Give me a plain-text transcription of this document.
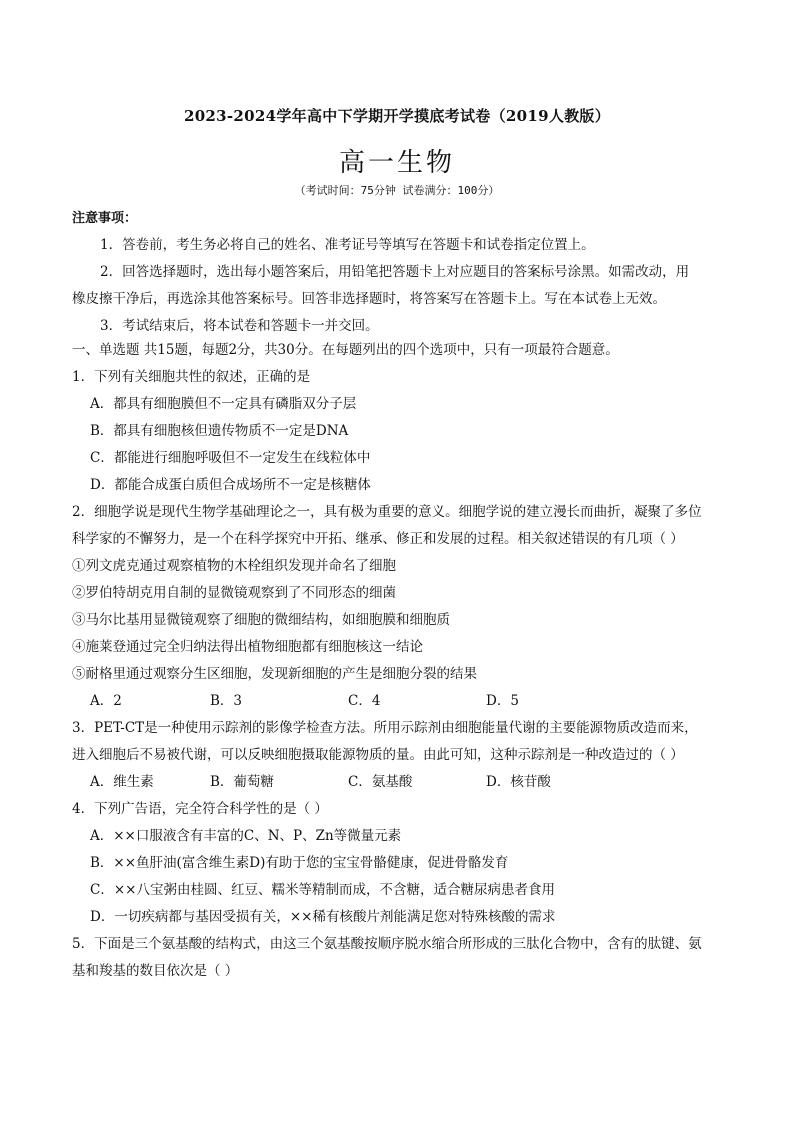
2023-2024学年高中下学期开学摸底考试卷（2019人教版）
高一生物
（考试时间：75分钟 试卷满分：100分）
注意事项：
1．答卷前，考生务必将自己的姓名、准考证号等填写在答题卡和试卷指定位置上。
2．回答选择题时，选出每小题答案后，用铅笔把答题卡上对应题目的答案标号涂黑。如需改动，用
橡皮擦干净后，再选涂其他答案标号。回答非选择题时，将答案写在答题卡上。写在本试卷上无效。
3．考试结束后，将本试卷和答题卡一并交回。
一、单选题 共15题，每题2分，共30分。在每题列出的四个选项中，只有一项最符合题意。
1．下列有关细胞共性的叙述，正确的是
A．都具有细胞膜但不一定具有磷脂双分子层
B．都具有细胞核但遗传物质不一定是DNA
C．都能进行细胞呼吸但不一定发生在线粒体中
D．都能合成蛋白质但合成场所不一定是核糖体
2．细胞学说是现代生物学基础理论之一，具有极为重要的意义。细胞学说的建立漫长而曲折，凝聚了多位
科学家的不懈努力，是一个在科学探究中开拓、继承、修正和发展的过程。相关叙述错误的有几项（ ）
①列文虎克通过观察植物的木栓组织发现并命名了细胞
②罗伯特胡克用自制的显微镜观察到了不同形态的细菌
③马尔比基用显微镜观察了细胞的微细结构，如细胞膜和细胞质
④施莱登通过完全归纳法得出植物细胞都有细胞核这一结论
⑤耐格里通过观察分生区细胞，发现新细胞的产生是细胞分裂的结果
A．2	B．3	C．4	D．5
3．PET-CT是一种使用示踪剂的影像学检查方法。所用示踪剂由细胞能量代谢的主要能源物质改造而来，
进入细胞后不易被代谢，可以反映细胞摄取能源物质的量。由此可知，这种示踪剂是一种改造过的（ ）
A．维生素	B．葡萄糖	C．氨基酸	D．核苷酸
4．下列广告语，完全符合科学性的是（ ）
A．××口服液含有丰富的C、N、P、Zn等微量元素
B．××鱼肝油(富含维生素D)有助于您的宝宝骨骼健康，促进骨骼发育
C．××八宝粥由桂圆、红豆、糯米等精制而成，不含糖，适合糖尿病患者食用
D．一切疾病都与基因受损有关，××稀有核酸片剂能满足您对特殊核酸的需求
5．下面是三个氨基酸的结构式，由这三个氨基酸按顺序脱水缩合所形成的三肽化合物中，含有的肽键、氨
基和羧基的数目依次是（ ）
